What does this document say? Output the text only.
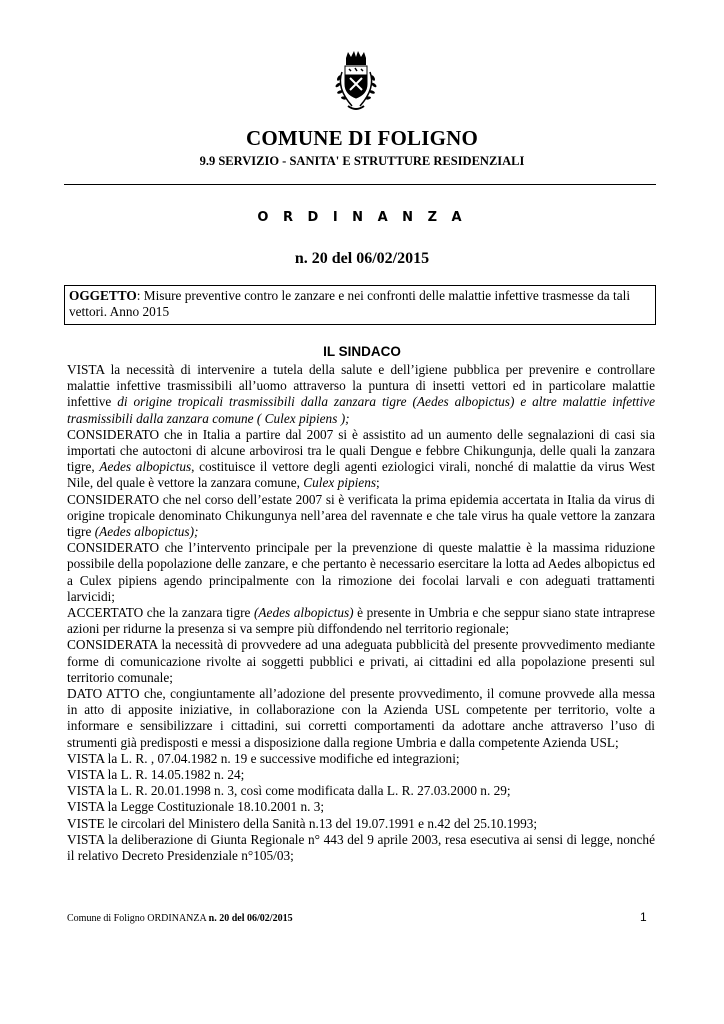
COMUNE DI FOLIGNO
9.9 SERVIZIO - SANITA' E STRUTTURE RESIDENZIALI
O R D I N A N Z A
n. 20 del 06/02/2015
OGGETTO: Misure preventive contro le zanzare e nei confronti delle malattie infettive trasmesse da tali vettori. Anno 2015
IL SINDACO

VISTA la necessità di intervenire a tutela della salute e dell’igiene pubblica per prevenire e controllare malattie infettive trasmissibili all’uomo attraverso la puntura di insetti vettori ed in particolare malattie infettive di origine tropicali trasmissibili dalla zanzara tigre (Aedes albopictus) e altre malattie infettive trasmissibili dalla zanzara comune ( Culex pipiens );

CONSIDERATO che in Italia a partire dal 2007 si è assistito ad un aumento delle segnalazioni di casi sia importati che autoctoni di alcune arbovirosi tra le quali Dengue e febbre Chikungunja, delle quali la zanzara tigre, Aedes albopictus, costituisce il vettore degli agenti eziologici virali, nonché di malattie da virus West Nile, del quale è vettore la zanzara comune, Culex pipiens;

CONSIDERATO che nel corso dell’estate 2007 si è verificata la prima epidemia accertata in Italia da virus di origine tropicale denominato Chikungunya nell’area del ravennate e che tale virus ha quale vettore la zanzara tigre (Aedes albopictus);

CONSIDERATO che l’intervento principale per la prevenzione di queste malattie è la massima riduzione possibile della popolazione delle zanzare, e che pertanto è necessario esercitare la lotta ad Aedes albopictus ed a Culex pipiens agendo principalmente con la rimozione dei focolai larvali e con adeguati trattamenti larvicidi;

ACCERTATO che la zanzara tigre (Aedes albopictus) è presente in Umbria e che seppur siano state intraprese azioni per ridurne la presenza si va sempre più diffondendo nel territorio regionale;

CONSIDERATA la necessità di provvedere ad una adeguata pubblicità del presente provvedimento mediante forme di comunicazione rivolte ai soggetti pubblici e privati, ai cittadini ed alla popolazione presenti sul territorio comunale;

DATO ATTO che, congiuntamente all’adozione del presente provvedimento, il comune provvede alla messa in atto di apposite iniziative, in collaborazione con la Azienda USL competente per territorio, volte a informare e sensibilizzare i cittadini, sui corretti comportamenti da adottare anche attraverso l’uso di strumenti già predisposti e messi a disposizione dalla regione Umbria e dalla competente Azienda USL;

VISTA la L. R. , 07.04.1982 n. 19 e successive modifiche ed integrazioni;

VISTA la L. R. 14.05.1982 n. 24;

VISTA la L. R. 20.01.1998 n. 3, così come modificata dalla L. R. 27.03.2000 n. 29;

VISTA la Legge Costituzionale 18.10.2001 n. 3;

VISTE le circolari del Ministero della Sanità n.13 del 19.07.1991 e n.42 del 25.10.1993;

VISTA la deliberazione di Giunta Regionale n° 443 del 9 aprile 2003, resa esecutiva ai sensi di legge, nonché il relativo Decreto Presidenziale n°105/03;

Comune di Foligno ORDINANZA n. 20 del 06/02/2015	1
